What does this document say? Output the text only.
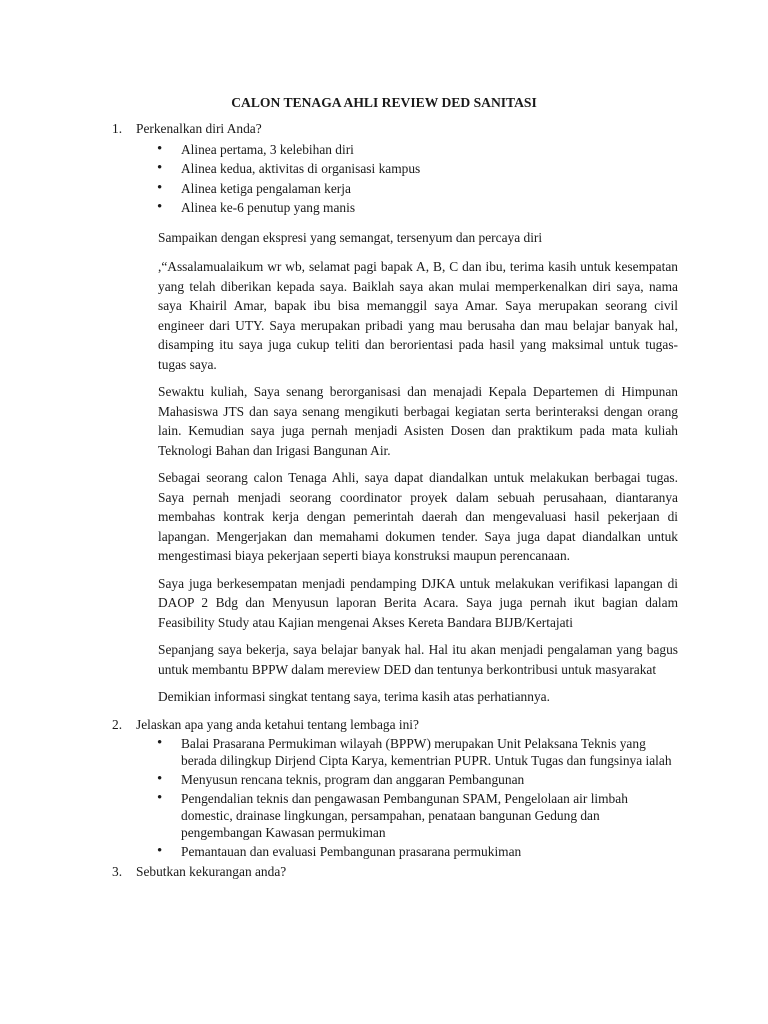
CALON TENAGA AHLI REVIEW DED SANITASI
1. Perkenalkan diri Anda?
• Alinea pertama, 3 kelebihan diri
• Alinea kedua, aktivitas di organisasi kampus
• Alinea ketiga pengalaman kerja
• Alinea ke-6 penutup yang manis
Sampaikan dengan ekspresi yang semangat, tersenyum dan percaya diri

,“Assalamualaikum wr wb, selamat pagi bapak A, B, C dan ibu, terima kasih untuk kesempatan yang telah diberikan kepada saya. Baiklah saya akan mulai memperkenalkan diri saya, nama saya Khairil Amar, bapak ibu bisa memanggil saya Amar. Saya merupakan seorang civil engineer dari UTY. Saya merupakan pribadi yang mau berusaha dan mau belajar banyak hal, disamping itu saya juga cukup teliti dan berorientasi pada hasil yang maksimal untuk tugas-tugas saya.

Sewaktu kuliah, Saya senang berorganisasi dan menajadi Kepala Departemen di Himpunan Mahasiswa JTS dan saya senang mengikuti berbagai kegiatan serta berinteraksi dengan orang lain. Kemudian saya juga pernah menjadi Asisten Dosen dan praktikum pada mata kuliah Teknologi Bahan dan Irigasi Bangunan Air.

Sebagai seorang calon Tenaga Ahli, saya dapat diandalkan untuk melakukan berbagai tugas. Saya pernah menjadi seorang coordinator proyek dalam sebuah perusahaan, diantaranya membahas kontrak kerja dengan pemerintah daerah dan mengevaluasi hasil pekerjaan di lapangan. Mengerjakan dan memahami dokumen tender. Saya juga dapat diandalkan untuk mengestimasi biaya pekerjaan seperti biaya konstruksi maupun perencanaan.

Saya juga berkesempatan menjadi pendamping DJKA untuk melakukan verifikasi lapangan di DAOP 2 Bdg dan Menyusun laporan Berita Acara. Saya juga pernah ikut bagian dalam Feasibility Study atau Kajian mengenai Akses Kereta Bandara BIJB/Kertajati

Sepanjang saya bekerja, saya belajar banyak hal. Hal itu akan menjadi pengalaman yang bagus untuk membantu BPPW dalam mereview DED dan tentunya berkontribusi untuk masyarakat

Demikian informasi singkat tentang saya, terima kasih atas perhatiannya.

2. Jelaskan apa yang anda ketahui tentang lembaga ini?
• Balai Prasarana Permukiman wilayah (BPPW) merupakan Unit Pelaksana Teknis yang berada dilingkup Dirjend Cipta Karya, kementrian PUPR. Untuk Tugas dan fungsinya ialah
• Menyusun rencana teknis, program dan anggaran Pembangunan
• Pengendalian teknis dan pengawasan Pembangunan SPAM, Pengelolaan air limbah domestic, drainase lingkungan, persampahan, penataan bangunan Gedung dan pengembangan Kawasan permukiman
• Pemantauan dan evaluasi Pembangunan prasarana permukiman
3. Sebutkan kekurangan anda?
